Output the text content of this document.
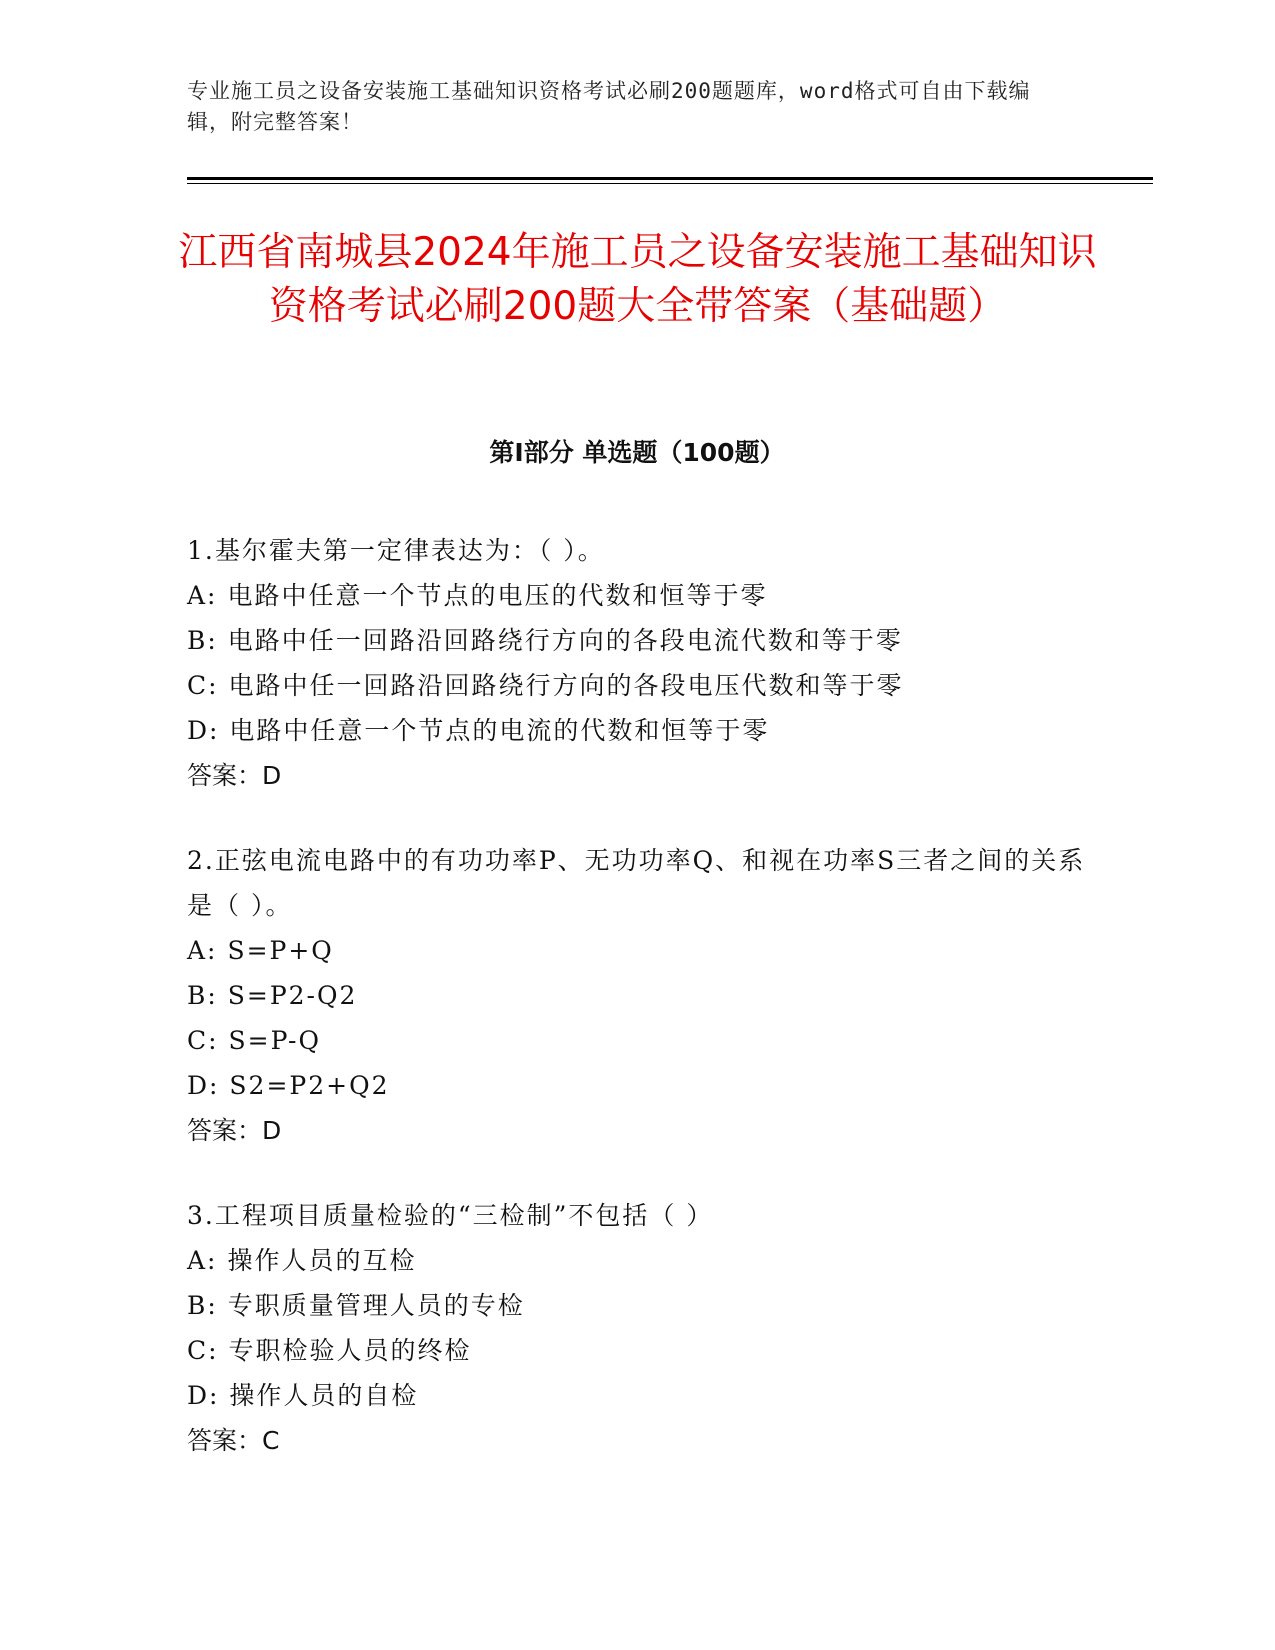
专业施工员之设备安装施工基础知识资格考试必刷200题题库，word格式可自由下载编辑，附完整答案！
江西省南城县2024年施工员之设备安装施工基础知识资格考试必刷200题大全带答案（基础题）
第I部分 单选题（100题）
1.基尔霍夫第一定律表达为：（ ）。
A: 电路中任意一个节点的电压的代数和恒等于零
B: 电路中任一回路沿回路绕行方向的各段电流代数和等于零
C: 电路中任一回路沿回路绕行方向的各段电压代数和等于零
D: 电路中任意一个节点的电流的代数和恒等于零
答案：D
2.正弦电流电路中的有功功率P、无功功率Q、和视在功率S三者之间的关系是（ ）。
A: S=P+Q
B: S=P2-Q2
C: S=P-Q
D: S2=P2+Q2
答案：D
3.工程项目质量检验的“三检制”不包括（ ）
A: 操作人员的互检
B: 专职质量管理人员的专检
C: 专职检验人员的终检
D: 操作人员的自检
答案：C
